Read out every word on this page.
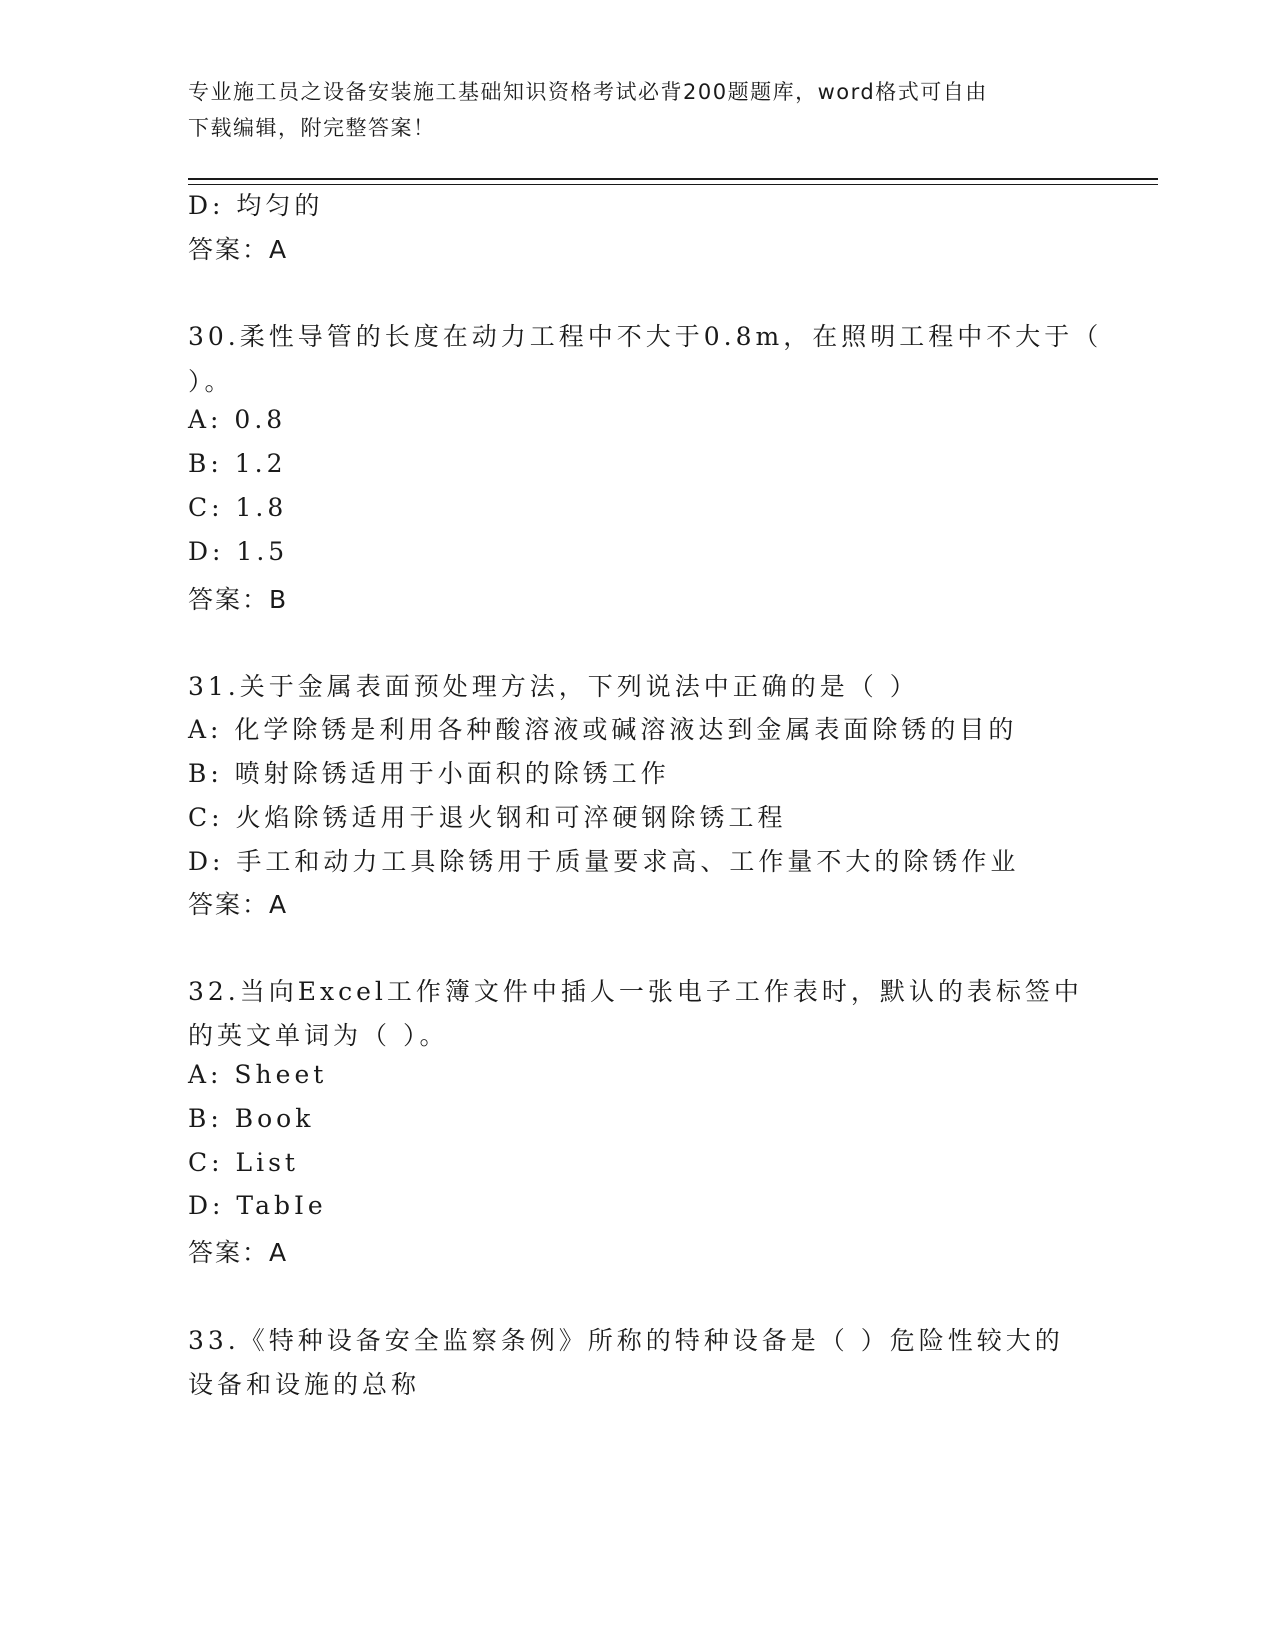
专业施工员之设备安装施工基础知识资格考试必背200题题库，word格式可自由
下载编辑，附完整答案！
D: 均匀的
答案：A
30.柔性导管的长度在动力工程中不大于0.8m，在照明工程中不大于（
）。
A: 0.8
B: 1.2
C: 1.8
D: 1.5
答案：B
31.关于金属表面预处理方法，下列说法中正确的是（ ）
A: 化学除锈是利用各种酸溶液或碱溶液达到金属表面除锈的目的
B: 喷射除锈适用于小面积的除锈工作
C: 火焰除锈适用于退火钢和可淬硬钢除锈工程
D: 手工和动力工具除锈用于质量要求高、工作量不大的除锈作业
答案：A
32.当向Excel工作簿文件中插人一张电子工作表时，默认的表标签中
的英文单词为（ ）。
A: Sheet
B: Book
C: List
D: TabIe
答案：A
33.《特种设备安全监察条例》所称的特种设备是（ ）危险性较大的
设备和设施的总称
